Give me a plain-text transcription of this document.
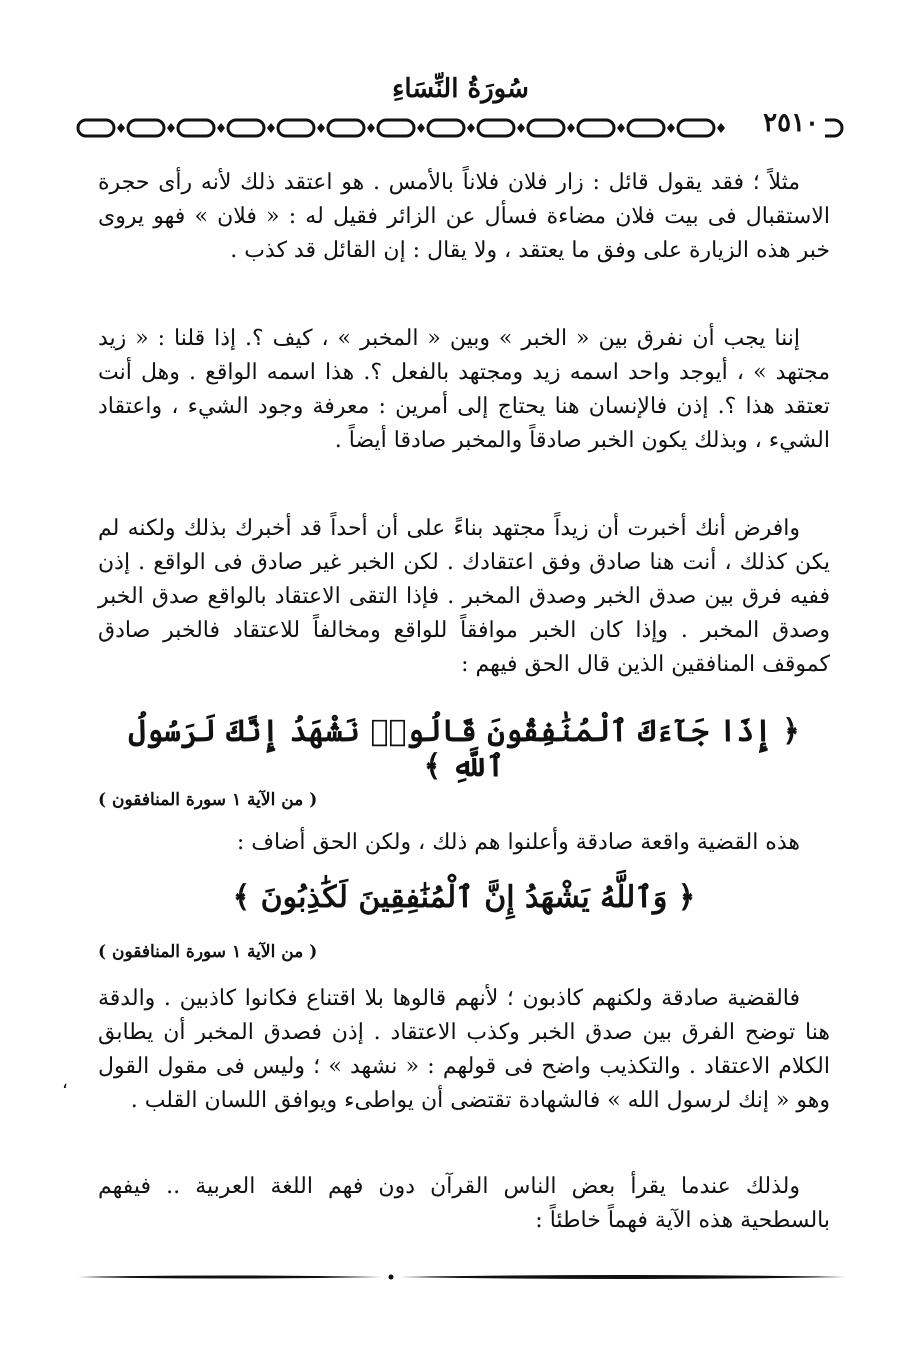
سُورَةُ النِّسَاءِ
٢٥١٠

مثلاً ؛ فقد يقول قائل : زار فلان فلاناً بالأمس . هو اعتقد ذلك لأنه رأى حجرة الاستقبال فى بيت فلان مضاءة فسأل عن الزائر فقيل له : « فلان » فهو يروى خبر هذه الزيارة على وفق ما يعتقد ، ولا يقال : إن القائل قد كذب .

إننا يجب أن نفرق بين « الخبر » وبين « المخبر » ، كيف ؟. إذا قلنا : « زيد مجتهد » ، أيوجد واحد اسمه زيد ومجتهد بالفعل ؟. هذا اسمه الواقع . وهل أنت تعتقد هذا ؟. إذن فالإنسان هنا يحتاج إلى أمرين : معرفة وجود الشيء ، واعتقاد الشيء ، وبذلك يكون الخبر صادقاً والمخبر صادقا أيضاً .

وافرض أنك أخبرت أن زيداً مجتهد بناءً على أن أحداً قد أخبرك بذلك ولكنه لم يكن كذلك ، أنت هنا صادق وفق اعتقادك . لكن الخبر غير صادق فى الواقع . إذن ففيه فرق بين صدق الخبر وصدق المخبر . فإذا التقى الاعتقاد بالواقع صدق الخبر وصدق المخبر . وإذا كان الخبر موافقاً للواقع ومخالفاً للاعتقاد فالخبر صادق كموقف المنافقين الذين قال الحق فيهم :

﴿ إِذَا جَآءَكَ ٱلْمُنَٰفِقُونَ قَالُوا۟ نَشْهَدُ إِنَّكَ لَرَسُولُ ٱللَّهِ ﴾
( من الآية ١ سورة المنافقون )

هذه القضية واقعة صادقة وأعلنوا هم ذلك ، ولكن الحق أضاف :

﴿ وَٱللَّهُ يَشْهَدُ إِنَّ ٱلْمُنَٰفِقِينَ لَكَٰذِبُونَ ﴾
( من الآية ١ سورة المنافقون )

فالقضية صادقة ولكنهم كاذبون ؛ لأنهم قالوها بلا اقتناع فكانوا كاذبين . والدقة هنا توضح الفرق بين صدق الخبر وكذب الاعتقاد . إذن فصدق المخبر أن يطابق الكلام الاعتقاد . والتكذيب واضح فى قولهم : « نشهد » ؛ وليس فى مقول القول وهو « إنك لرسول الله » فالشهادة تقتضى أن يواطىء ويوافق اللسان القلب .

ولذلك عندما يقرأ بعض الناس القرآن دون فهم اللغة العربية .. فيفهم بالسطحية هذه الآية فهماً خاطئاً :

،
